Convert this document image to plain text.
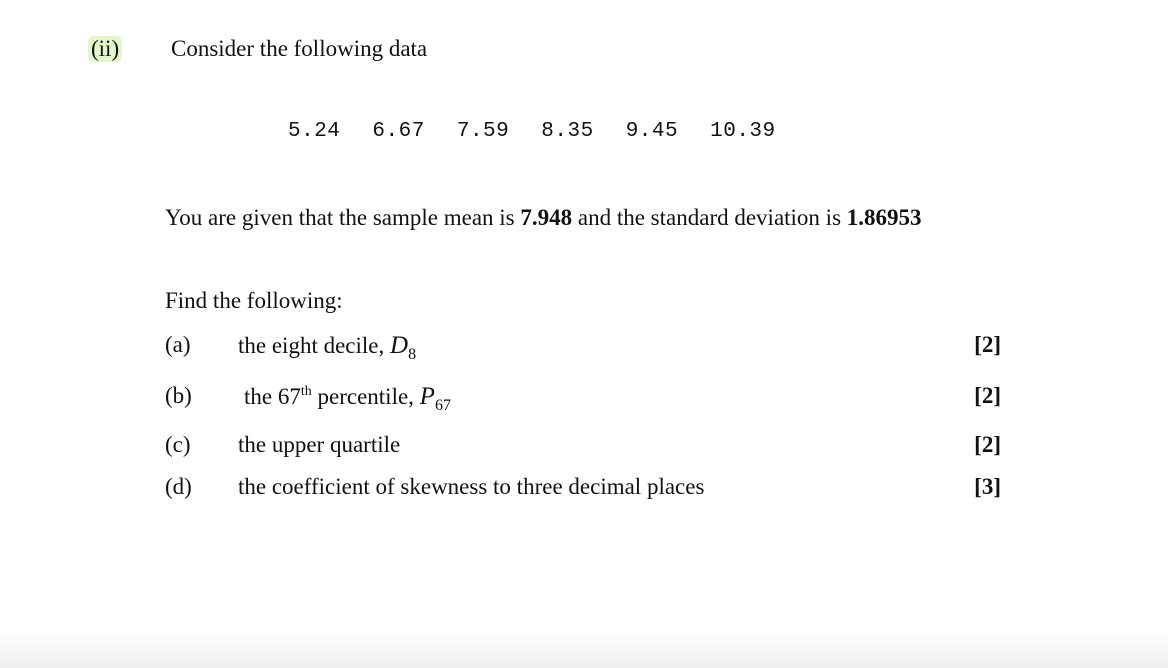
(ii) Consider the following data
5.24 6.67 7.59 8.35 9.45 10.39
You are given that the sample mean is 7.948 and the standard deviation is 1.86953
Find the following:
(a) the eight decile, $D_8$	[2]
(b) the 67th percentile, $P_{67}$	[2]
(c) the upper quartile	[2]
(d) the coefficient of skewness to three decimal places	[3]
